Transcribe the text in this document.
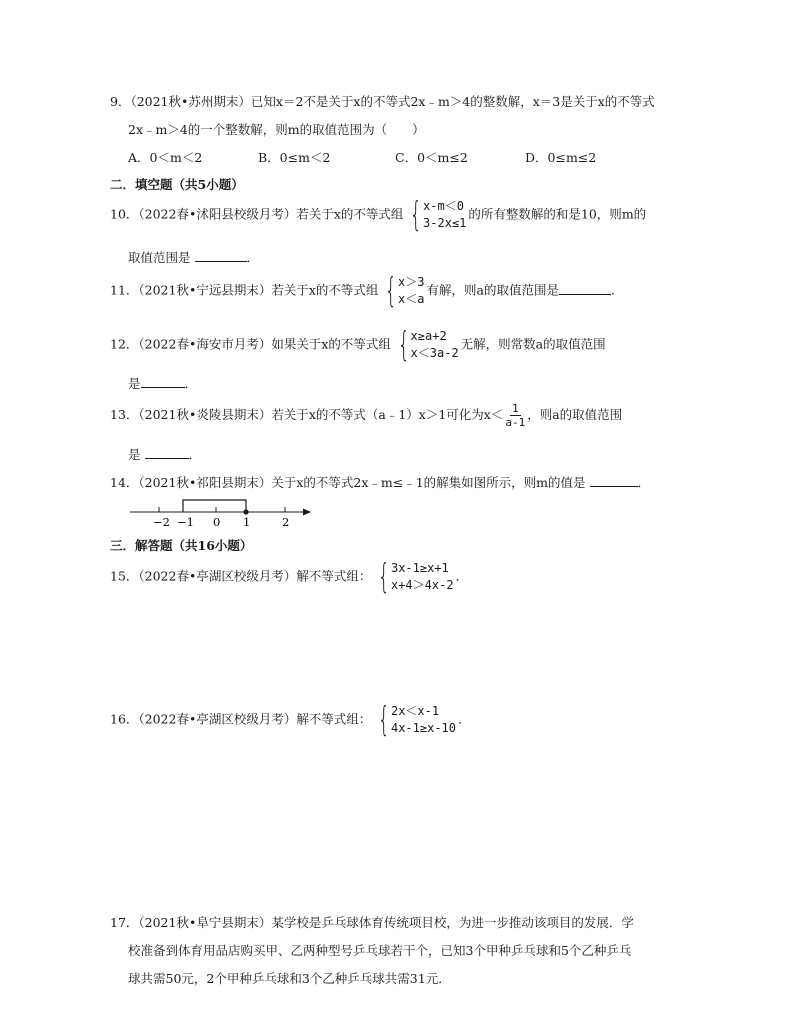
9．（2021秋•苏州期末）已知x＝2不是关于x的不等式2x﹣m＞4的整数解，x＝3是关于x的不等式
2x﹣m＞4的一个整数解，则m的取值范围为（　　）
A．0＜m＜2	B．0≤m＜2	C．0＜m≤2	D．0≤m≤2
二．填空题（共5小题）
10．（2022春•沭阳县校级月考）若关于x的不等式组 { x-m＜0
3-2x≤1
的所有整数解的和是10，则m的
取值范围是	．
11．（2021秋•宁远县期末）若关于x的不等式组 { x＞3
x＜a
有解，则a的取值范围是	．
12．（2022春•海安市月考）如果关于x的不等式组 { x≥a+2
x＜3a-2
无解，则常数a的取值范围
是	．
13．（2021秋•炎陵县期末）若关于x的不等式（a﹣1）x＞1可化为$x< \frac{1}{a-1}$ ，则a的取值范围
是	．
14．（2021秋•祁阳县期末）关于x的不等式2x﹣m≤﹣1的解集如图所示，则m的值是	．
−2 −1 0 1	2
三．解答题（共16小题）
15．（2022春•亭湖区校级月考）解不等式组： { 3x-1≥x+1
x+4＞4x-2
．
16．（2022春•亭湖区校级月考）解不等式组： { 2x＜x-1
4x-1≥x-10
．
17．（2021秋•阜宁县期末）某学校是乒乓球体育传统项目校，为进一步推动该项目的发展．学
校准备到体育用品店购买甲、乙两种型号乒乓球若干个，已知3个甲种乒乓球和5个乙种乒乓
球共需50元，2个甲种乒乓球和3个乙种乒乓球共需31元．
